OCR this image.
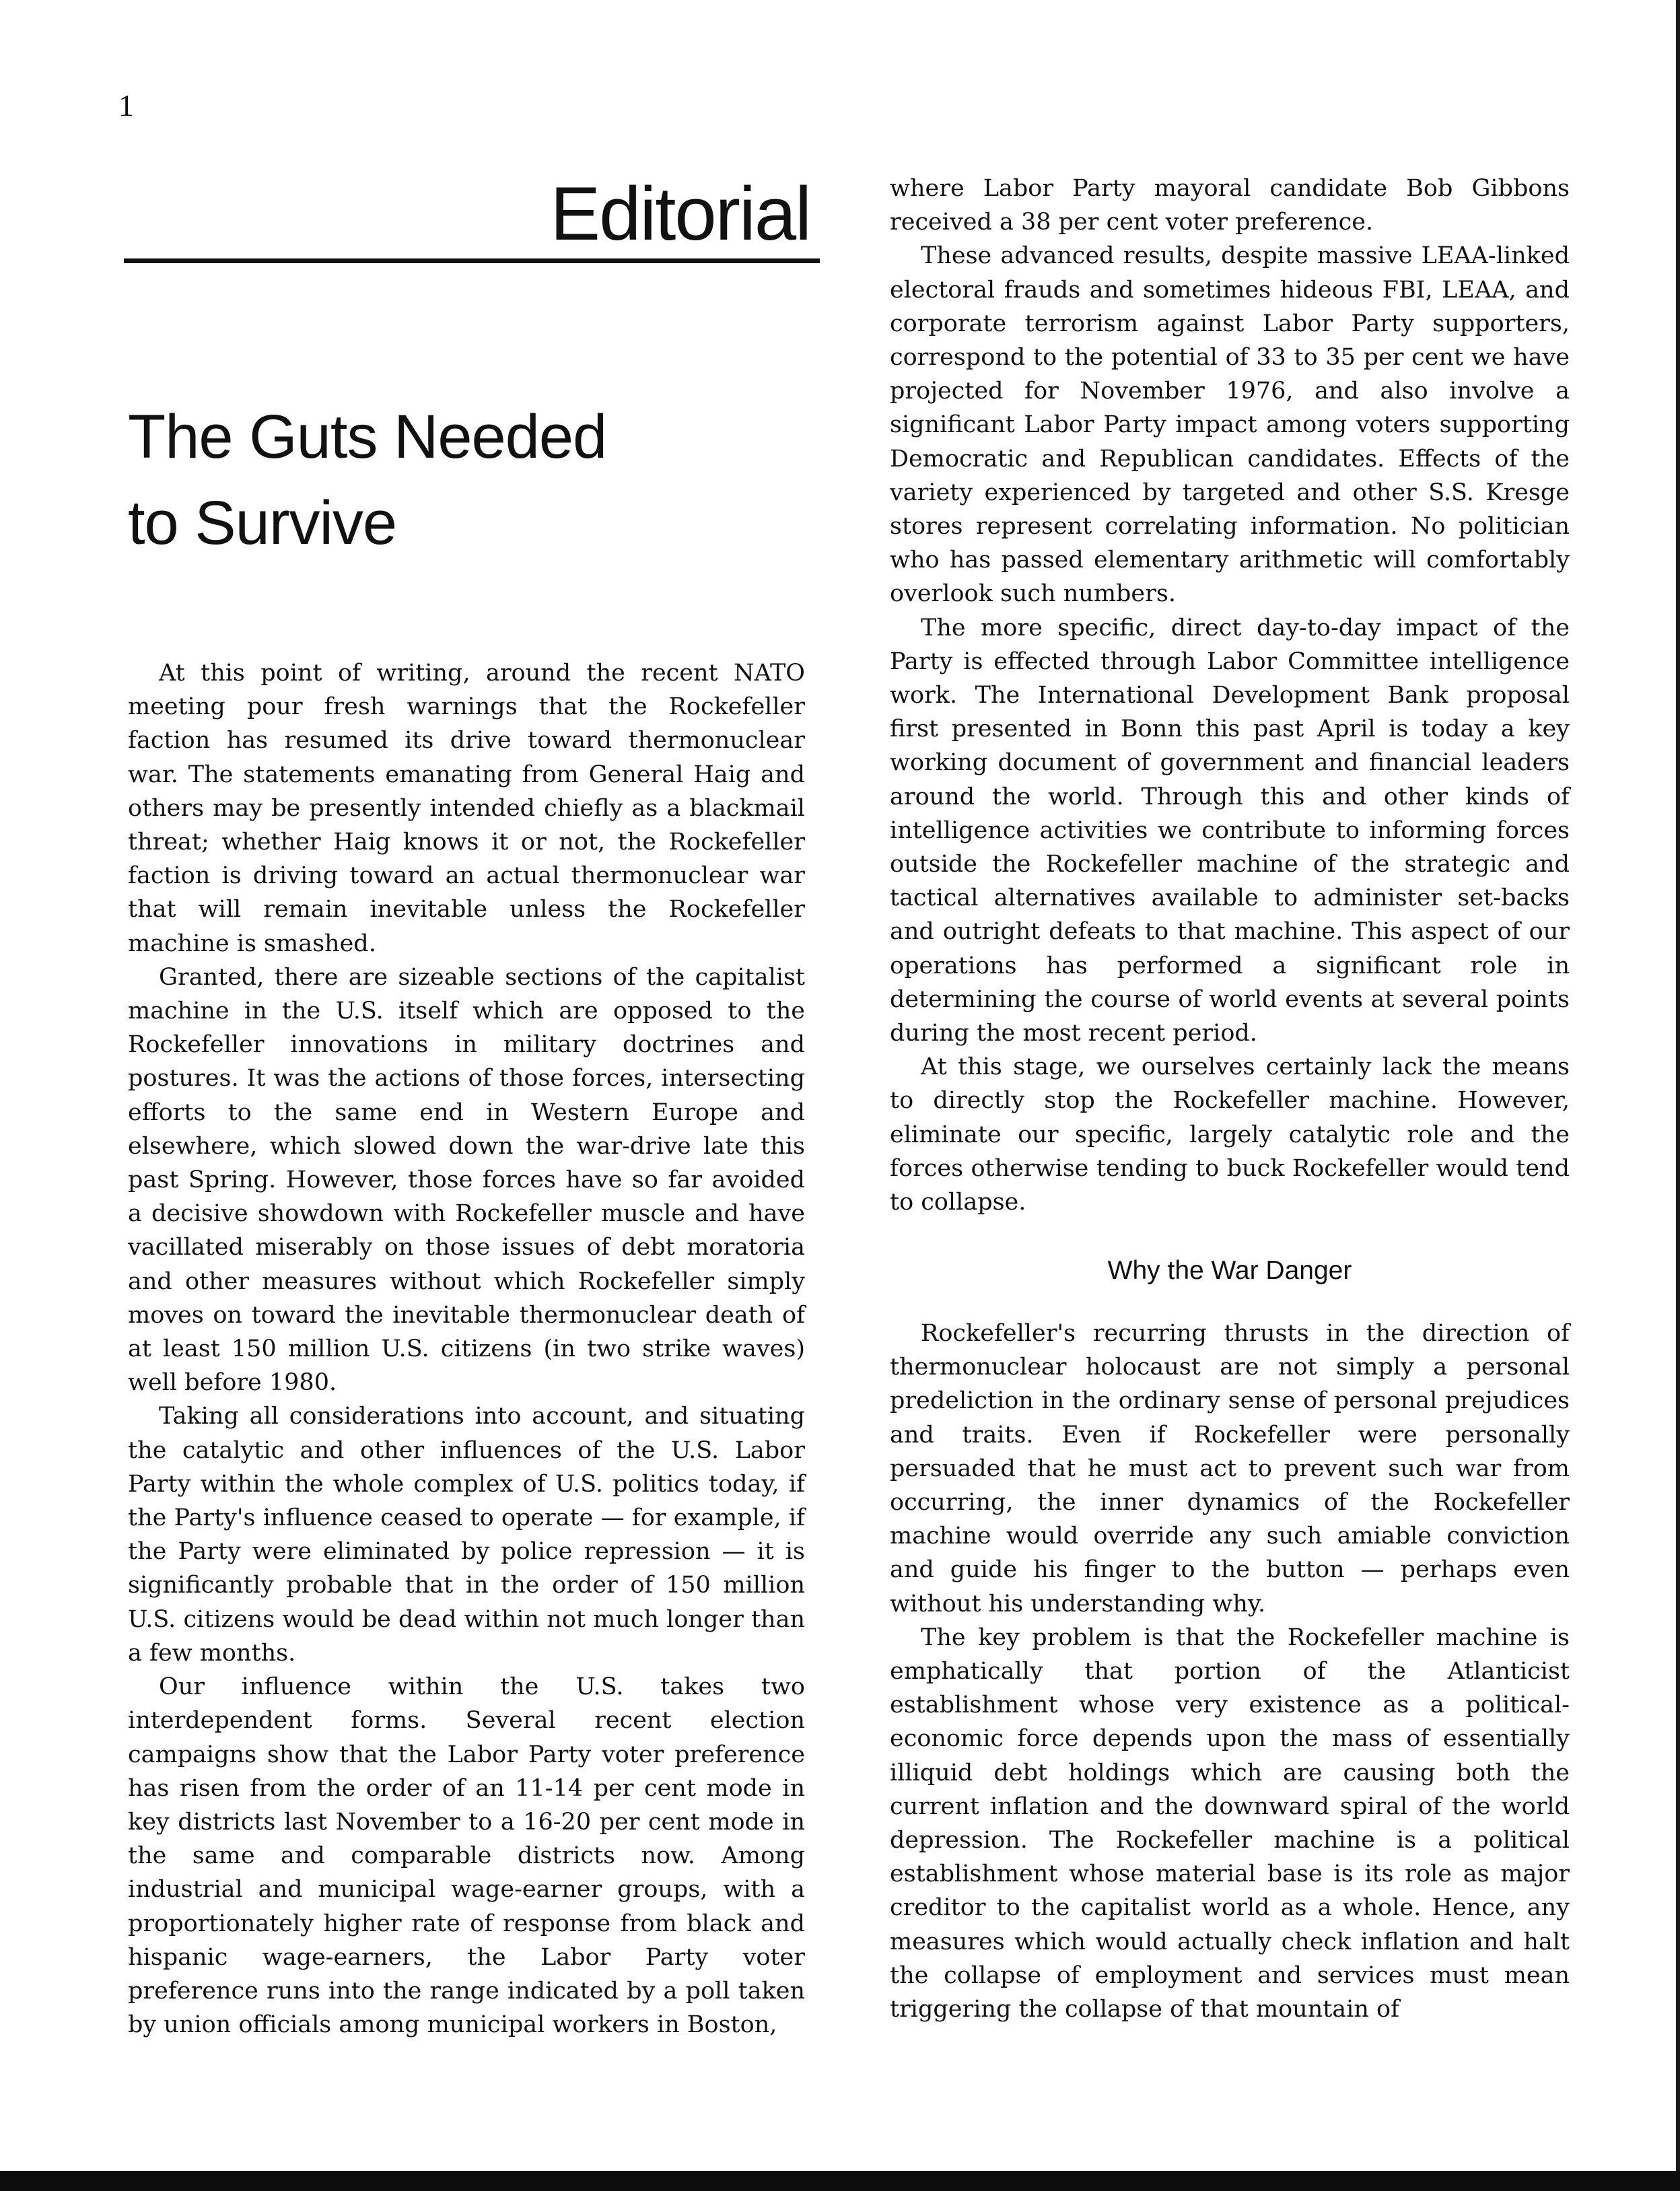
1
Editorial
The Guts Needed
to Survive

At this point of writing, around the recent NATO meeting pour fresh warnings that the Rockefeller faction has resumed its drive toward thermonuclear war. The statements emanating from General Haig and others may be presently intended chiefly as a blackmail threat; whether Haig knows it or not, the Rockefeller faction is driving toward an actual thermonuclear war that will remain inevitable unless the Rockefeller machine is smashed.

Granted, there are sizeable sections of the capitalist machine in the U.S. itself which are opposed to the Rockefeller innovations in military doctrines and postures. It was the actions of those forces, intersecting efforts to the same end in Western Europe and elsewhere, which slowed down the war-drive late this past Spring. However, those forces have so far avoided a decisive showdown with Rockefeller muscle and have vacillated miserably on those issues of debt moratoria and other measures without which Rockefeller simply moves on toward the inevitable thermonuclear death of at least 150 million U.S. citizens (in two strike waves) well before 1980.

Taking all considerations into account, and situating the catalytic and other influences of the U.S. Labor Party within the whole complex of U.S. politics today, if the Party's influence ceased to operate — for example, if the Party were eliminated by police repression — it is significantly probable that in the order of 150 million U.S. citizens would be dead within not much longer than a few months.

Our influence within the U.S. takes two interdependent forms. Several recent election campaigns show that the Labor Party voter preference has risen from the order of an 11-14 per cent mode in key districts last November to a 16-20 per cent mode in the same and comparable districts now. Among industrial and municipal wage-earner groups, with a proportionately higher rate of response from black and hispanic wage-earners, the Labor Party voter preference runs into the range indicated by a poll taken by union officials among municipal workers in Boston,

where Labor Party mayoral candidate Bob Gibbons received a 38 per cent voter preference.

These advanced results, despite massive LEAA-linked electoral frauds and sometimes hideous FBI, LEAA, and corporate terrorism against Labor Party supporters, correspond to the potential of 33 to 35 per cent we have projected for November 1976, and also involve a significant Labor Party impact among voters supporting Democratic and Republican candidates. Effects of the variety experienced by targeted and other S.S. Kresge stores represent correlating information. No politician who has passed elementary arithmetic will comfortably overlook such numbers.

The more specific, direct day-to-day impact of the Party is effected through Labor Committee intelligence work. The International Development Bank proposal first presented in Bonn this past April is today a key working document of government and financial leaders around the world. Through this and other kinds of intelligence activities we contribute to informing forces outside the Rockefeller machine of the strategic and tactical alternatives available to administer set-backs and outright defeats to that machine. This aspect of our operations has performed a significant role in determining the course of world events at several points during the most recent period.

At this stage, we ourselves certainly lack the means to directly stop the Rockefeller machine. However, eliminate our specific, largely catalytic role and the forces otherwise tending to buck Rockefeller would tend to collapse.

Why the War Danger

Rockefeller's recurring thrusts in the direction of thermonuclear holocaust are not simply a personal predeliction in the ordinary sense of personal prejudices and traits. Even if Rockefeller were personally persuaded that he must act to prevent such war from occurring, the inner dynamics of the Rockefeller machine would override any such amiable conviction and guide his finger to the button — perhaps even without his understanding why.

The key problem is that the Rockefeller machine is emphatically that portion of the Atlanticist establishment whose very existence as a political-economic force depends upon the mass of essentially illiquid debt holdings which are causing both the current inflation and the downward spiral of the world depression. The Rockefeller machine is a political establishment whose material base is its role as major creditor to the capitalist world as a whole. Hence, any measures which would actually check inflation and halt the collapse of employment and services must mean triggering the collapse of that mountain of
